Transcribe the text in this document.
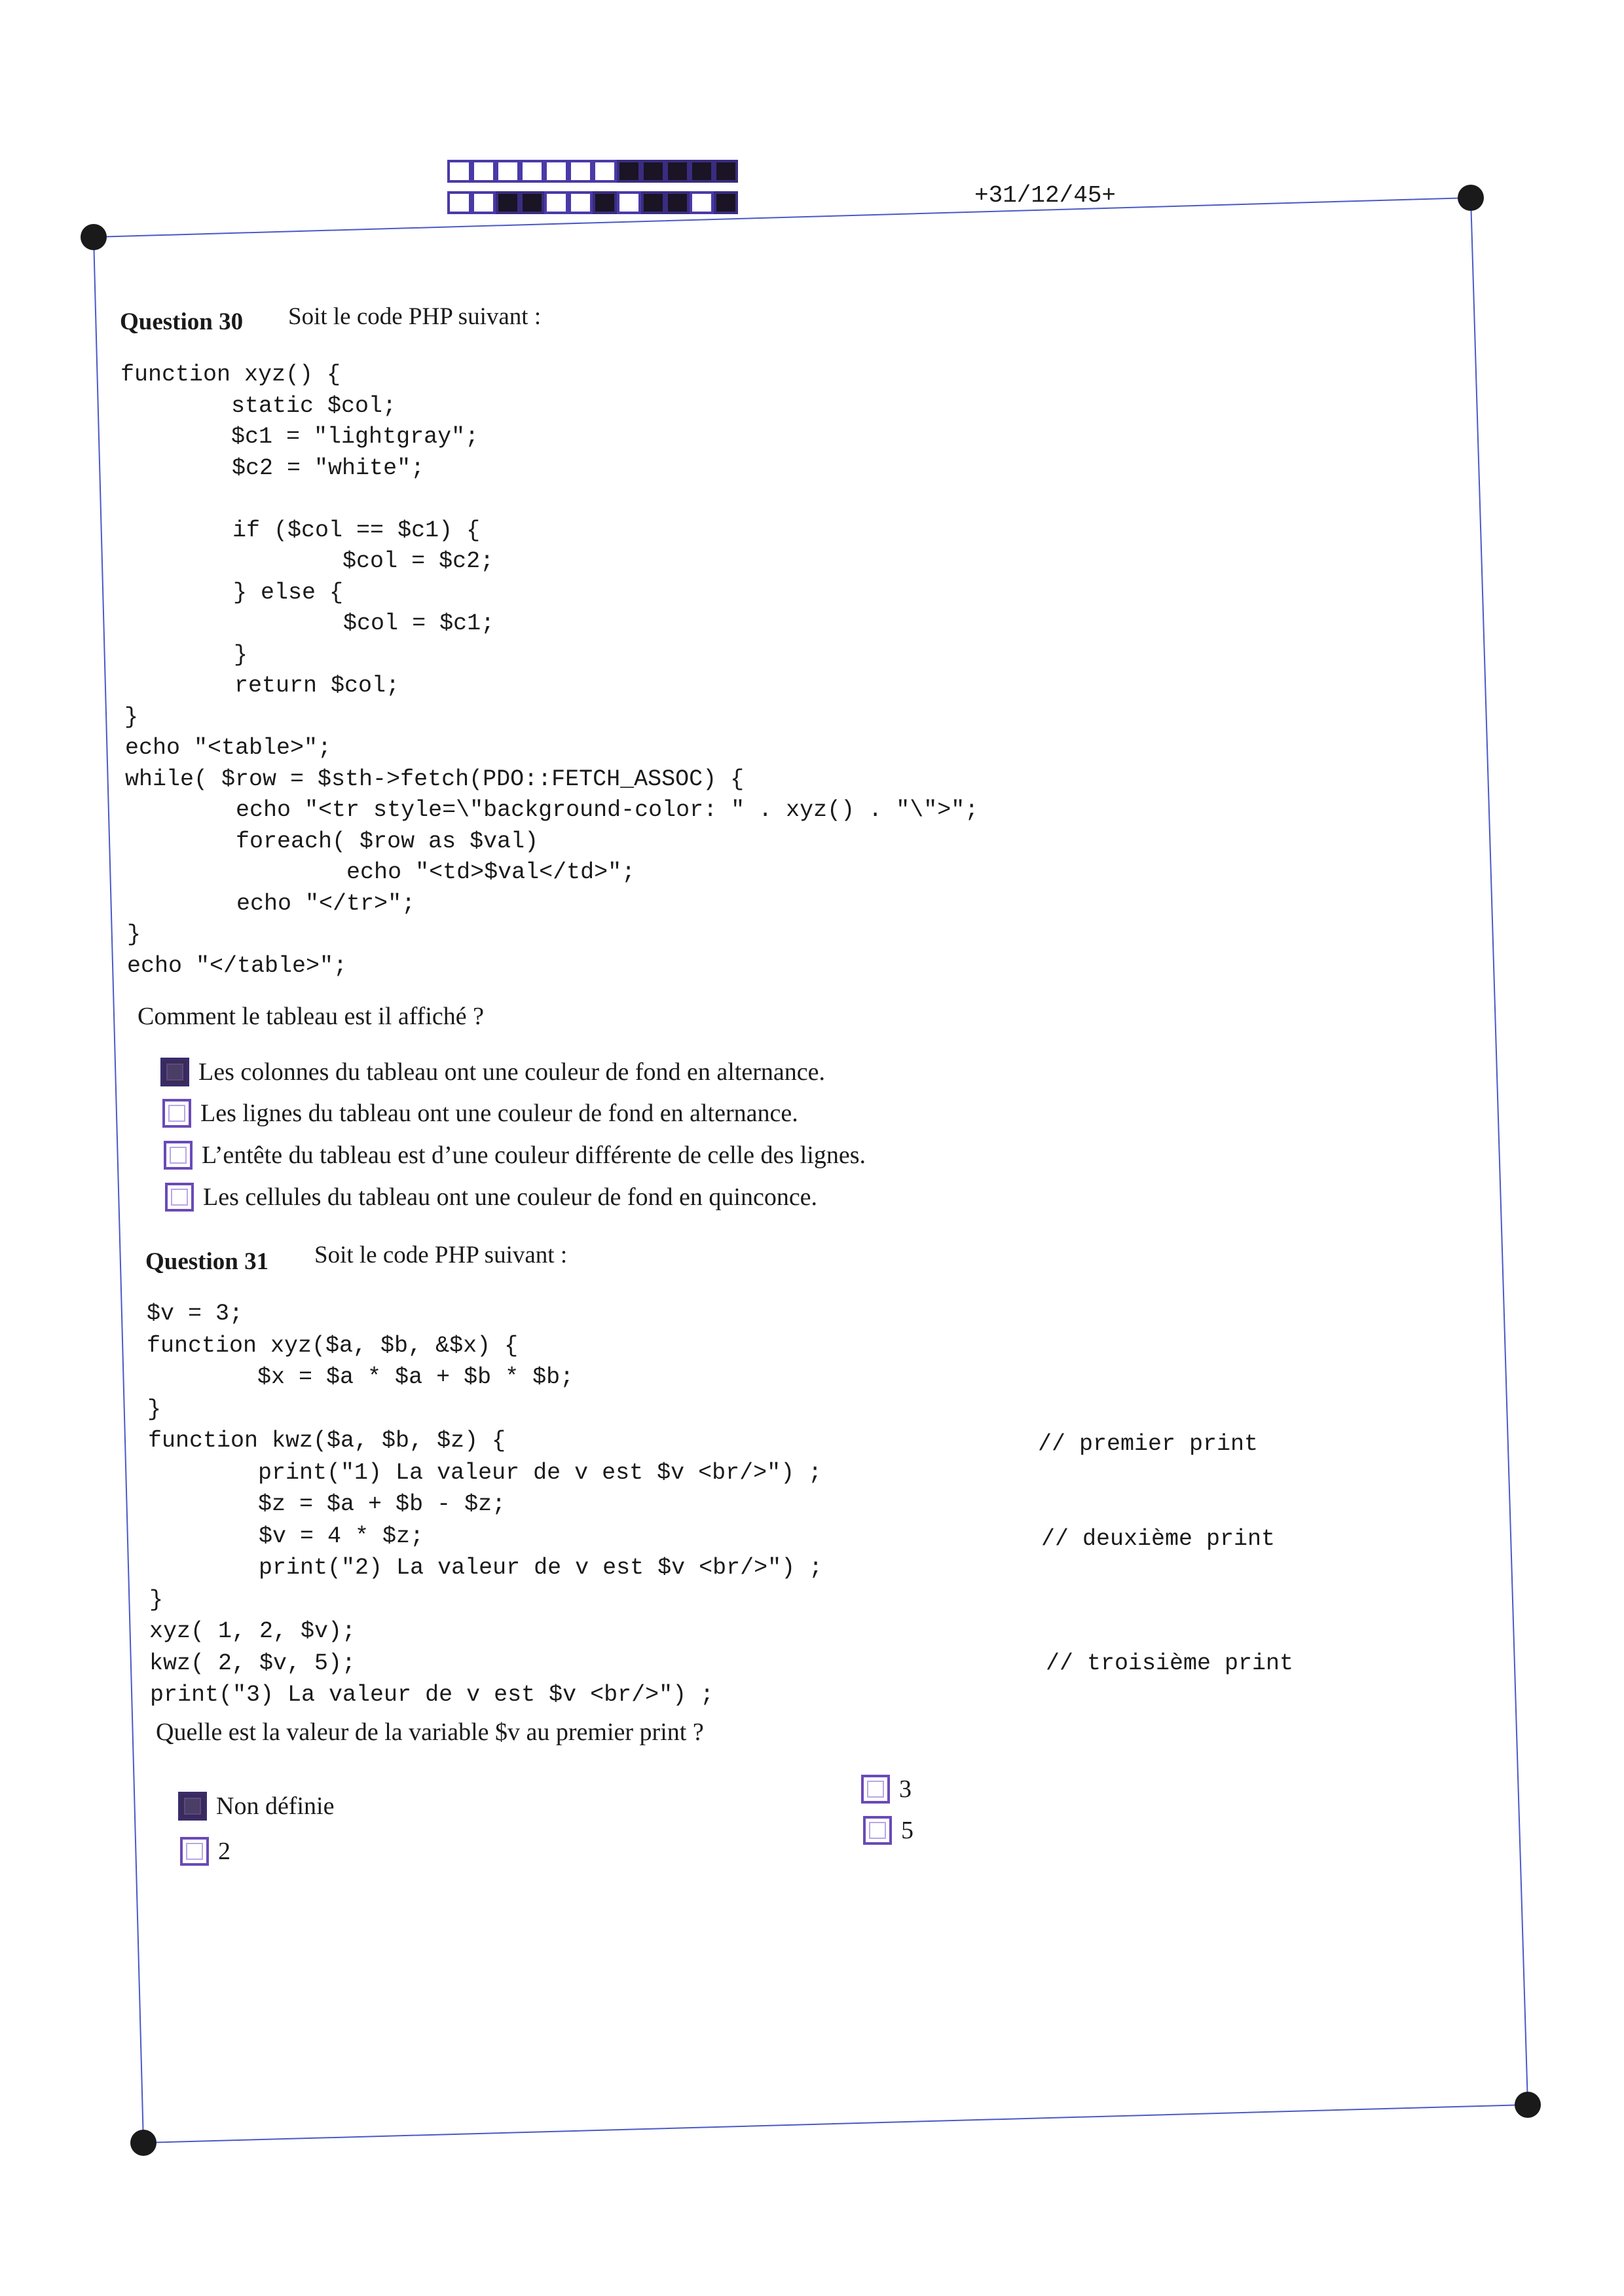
+31/12/45+
Question 30 Soit le code PHP suivant :
function xyz() {
static $col;
$c1 = "lightgray";
$c2 = "white";
if ($col == $c1) {
$col = $c2;
} else {
$col = $c1;
}
return $col;
}
echo "<table>";
while( $row = $sth->fetch(PDO::FETCH_ASSOC) {
echo "<tr style=\"background-color: " . xyz() . "\">";
foreach( $row as $val)
echo "<td>$val</td>";
echo "</tr>";
}
echo "</table>";
Comment le tableau est il affiché ?
Les colonnes du tableau ont une couleur de fond en alternance.
Les lignes du tableau ont une couleur de fond en alternance.
L’entête du tableau est d’une couleur différente de celle des lignes.
Les cellules du tableau ont une couleur de fond en quinconce.
Question 31 Soit le code PHP suivant :
$v = 3;
function xyz($a, $b, &$x) {
$x = $a * $a + $b * $b;
}
function kwz($a, $b, $z) {
print("1) La valeur de v est $v <br/>") ;
$z = $a + $b - $z;
$v = 4 * $z;
print("2) La valeur de v est $v <br/>") ;
}
xyz( 1, 2, $v);
kwz( 2, $v, 5);
print("3) La valeur de v est $v <br/>") ;
// premier print
// deuxième print
// troisième print
Quelle est la valeur de la variable $v au premier print ?
Non définie
2
3
5
